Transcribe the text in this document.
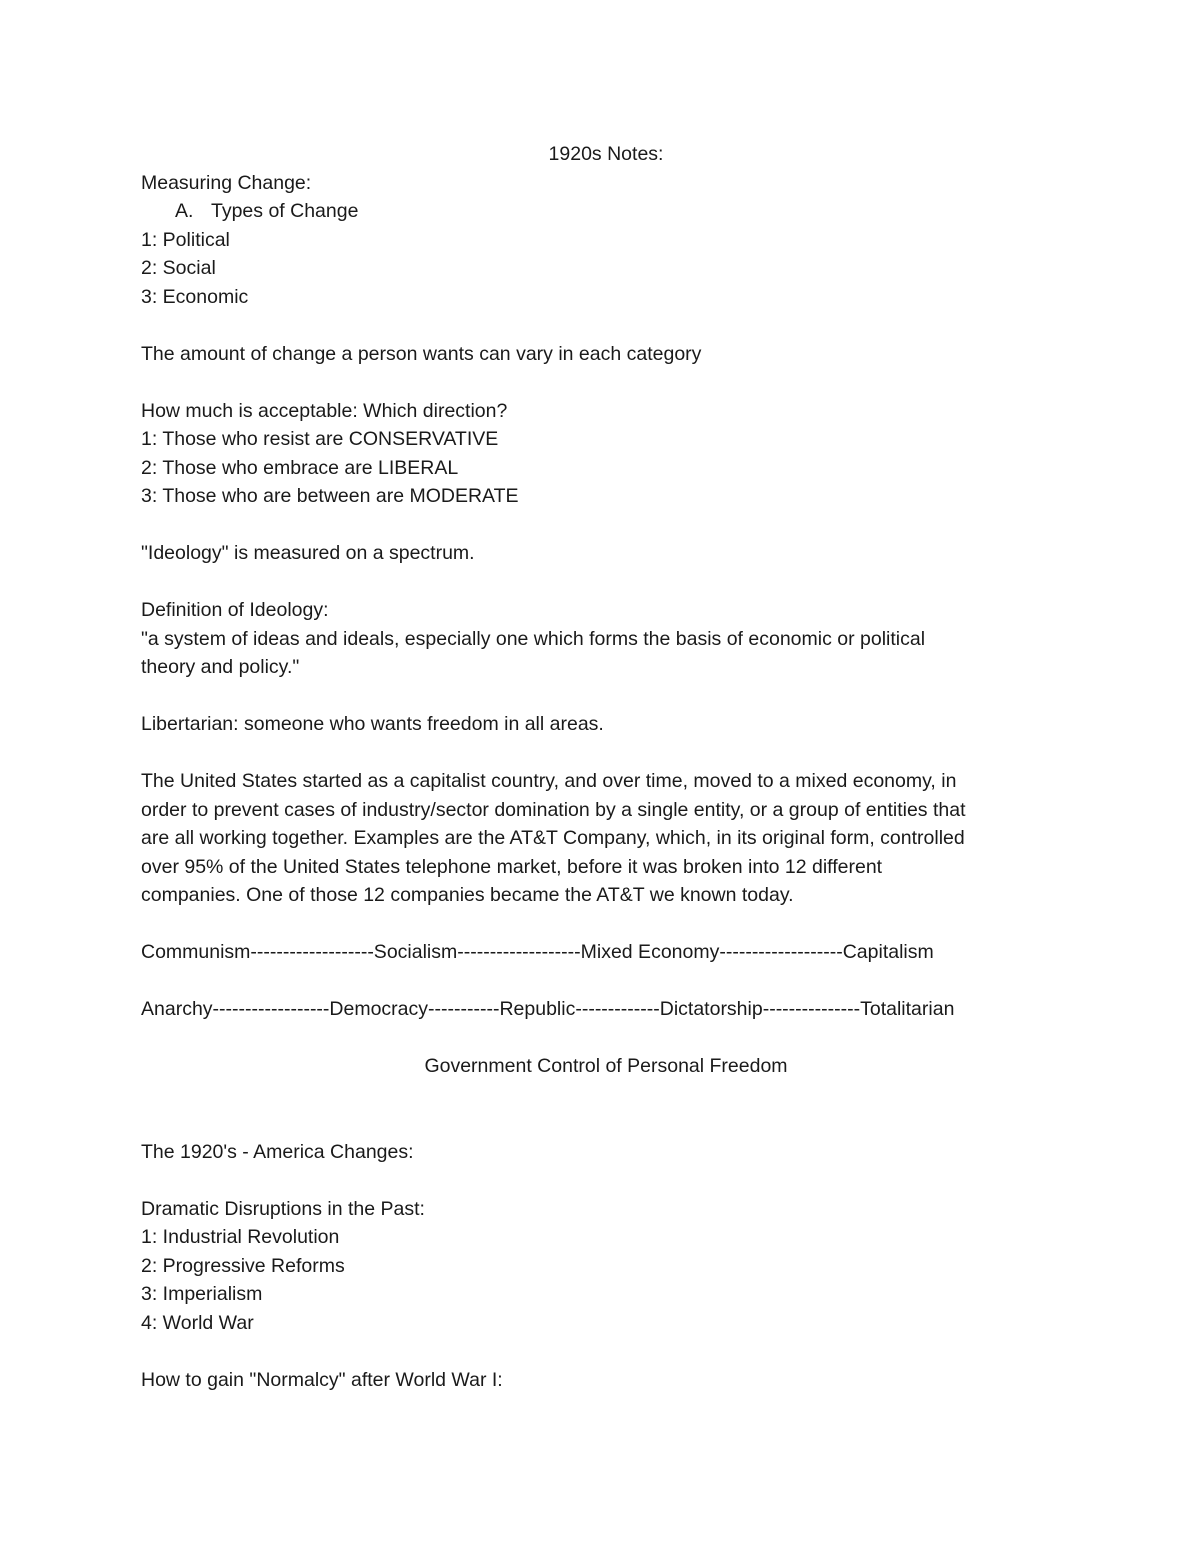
1920s Notes:
Measuring Change:
A. Types of Change
1: Political
2: Social
3: Economic
The amount of change a person wants can vary in each category
How much is acceptable: Which direction?
1: Those who resist are CONSERVATIVE
2: Those who embrace are LIBERAL
3: Those who are between are MODERATE
"Ideology" is measured on a spectrum.
Definition of Ideology:
"a system of ideas and ideals, especially one which forms the basis of economic or political
theory and policy."
Libertarian: someone who wants freedom in all areas.
The United States started as a capitalist country, and over time, moved to a mixed economy, in
order to prevent cases of industry/sector domination by a single entity, or a group of entities that
are all working together. Examples are the AT&T Company, which, in its original form, controlled
over 95% of the United States telephone market, before it was broken into 12 different
companies. One of those 12 companies became the AT&T we known today.
Communism-------------------Socialism-------------------Mixed Economy-------------------Capitalism
Anarchy------------------Democracy-----------Republic-------------Dictatorship---------------Totalitarian
Government Control of Personal Freedom
The 1920's - America Changes:
Dramatic Disruptions in the Past:
1: Industrial Revolution
2: Progressive Reforms
3: Imperialism
4: World War
How to gain "Normalcy" after World War I:
